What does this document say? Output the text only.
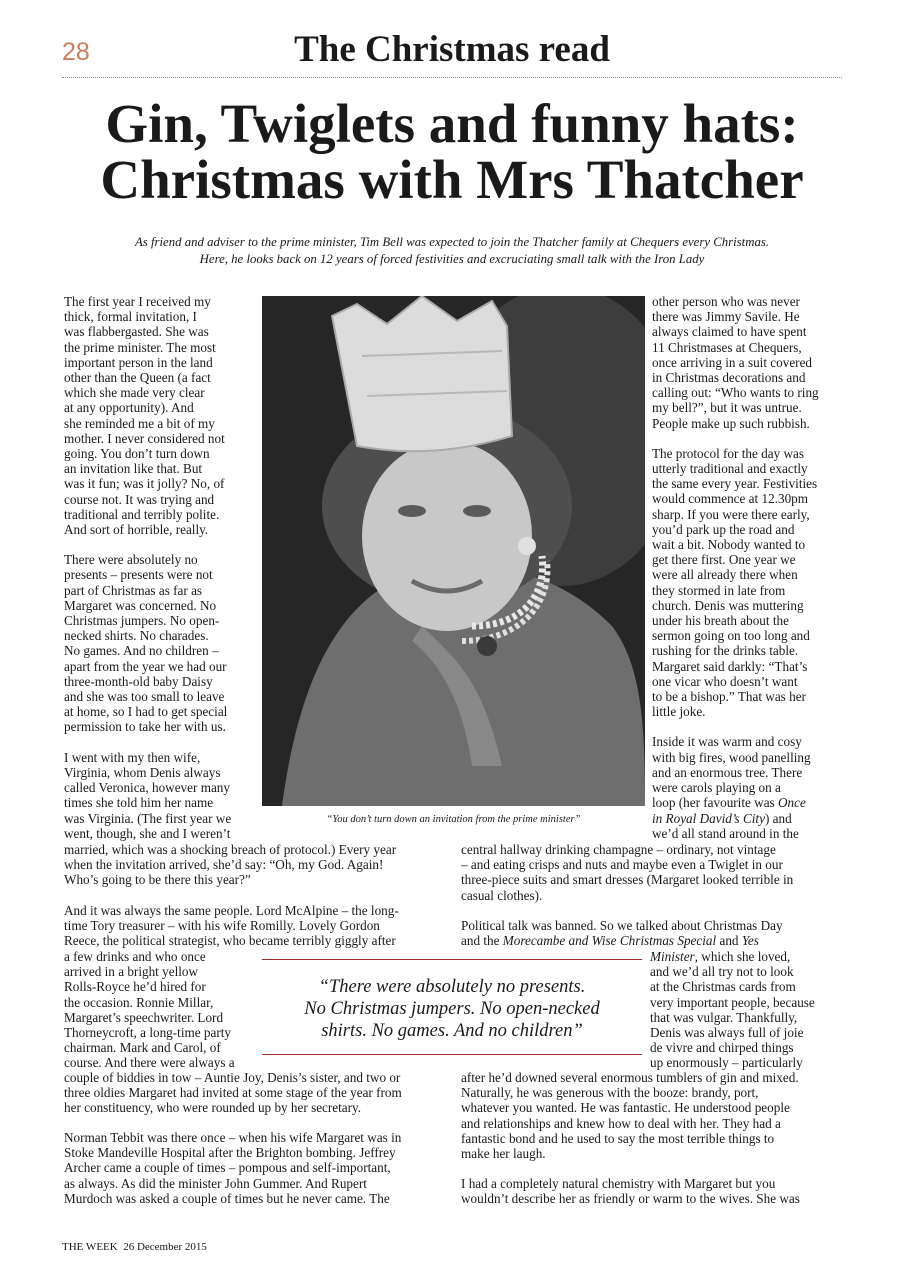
28	The Christmas read
Gin, Twiglets and funny hats: Christmas with Mrs Thatcher
As friend and adviser to the prime minister, Tim Bell was expected to join the Thatcher family at Chequers every Christmas.
Here, he looks back on 12 years of forced festivities and excruciating small talk with the Iron Lady
“You don’t turn down an invitation from the prime minister”
The first year I received my
thick, formal invitation, I
was flabbergasted. She was
the prime minister. The most
important person in the land
other than the Queen (a fact
which she made very clear
at any opportunity). And
she reminded me a bit of my
mother. I never considered not
going. You don’t turn down
an invitation like that. But
was it fun; was it jolly? No, of
course not. It was trying and
traditional and terribly polite.
And sort of horrible, really.
There were absolutely no
presents – presents were not
part of Christmas as far as
Margaret was concerned. No
Christmas jumpers. No open-
necked shirts. No charades.
No games. And no children –
apart from the year we had our
three-month-old baby Daisy
and she was too small to leave
at home, so I had to get special
permission to take her with us.
I went with my then wife,
Virginia, whom Denis always
called Veronica, however many
times she told him her name
was Virginia. (The first year we
went, though, she and I weren’t
married, which was a shocking breach of protocol.) Every year
when the invitation arrived, she’d say: “Oh, my God. Again!
Who’s going to be there this year?”
And it was always the same people. Lord McAlpine – the long-
time Tory treasurer – with his wife Romilly. Lovely Gordon
Reece, the political strategist, who became terribly giggly after
a few drinks and who once
arrived in a bright yellow
Rolls-Royce he’d hired for
the occasion. Ronnie Millar,
Margaret’s speechwriter. Lord
Thorneycroft, a long-time party
chairman. Mark and Carol, of
course. And there were always a
couple of biddies in tow – Auntie Joy, Denis’s sister, and two or
three oldies Margaret had invited at some stage of the year from
her constituency, who were rounded up by her secretary.
Norman Tebbit was there once – when his wife Margaret was in
Stoke Mandeville Hospital after the Brighton bombing. Jeffrey
Archer came a couple of times – pompous and self-important,
as always. As did the minister John Gummer. And Rupert
Murdoch was asked a couple of times but he never came. The
other person who was never
there was Jimmy Savile. He
always claimed to have spent
11 Christmases at Chequers,
once arriving in a suit covered
in Christmas decorations and
calling out: “Who wants to ring
my bell?”, but it was untrue.
People make up such rubbish.
The protocol for the day was
utterly traditional and exactly
the same every year. Festivities
would commence at 12.30pm
sharp. If you were there early,
you’d park up the road and
wait a bit. Nobody wanted to
get there first. One year we
were all already there when
they stormed in late from
church. Denis was muttering
under his breath about the
sermon going on too long and
rushing for the drinks table.
Margaret said darkly: “That’s
one vicar who doesn’t want
to be a bishop.” That was her
little joke.
Inside it was warm and cosy
with big fires, wood panelling
and an enormous tree. There
were carols playing on a
loop (her favourite was Once
in Royal David’s City) and
we’d all stand around in the
central hallway drinking champagne – ordinary, not vintage
– and eating crisps and nuts and maybe even a Twiglet in our
three-piece suits and smart dresses (Margaret looked terrible in
casual clothes).
Political talk was banned. So we talked about Christmas Day
and the Morecambe and Wise Christmas Special and Yes
Minister, which she loved,
and we’d all try not to look
at the Christmas cards from
very important people, because
that was vulgar. Thankfully,
Denis was always full of joie
de vivre and chirped things
up enormously – particularly
after he’d downed several enormous tumblers of gin and mixed.
Naturally, he was generous with the booze: brandy, port,
whatever you wanted. He was fantastic. He understood people
and relationships and knew how to deal with her. They had a
fantastic bond and he used to say the most terrible things to
make her laugh.
I had a completely natural chemistry with Margaret but you
wouldn’t describe her as friendly or warm to the wives. She was
“There were absolutely no presents.
No Christmas jumpers. No open-necked
shirts. No games. And no children”
THE WEEK 26 December 2015
